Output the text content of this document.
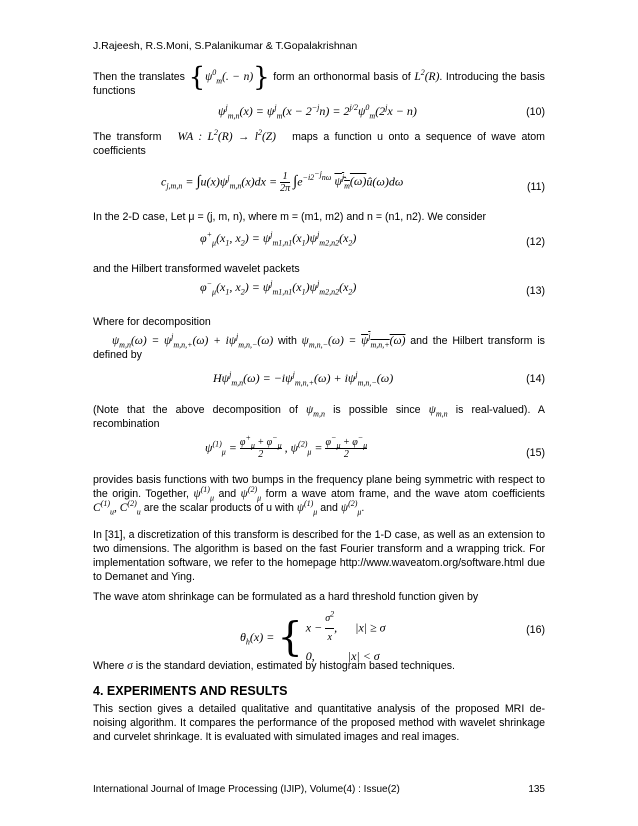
J.Rajeesh, R.S.Moni, S.Palanikumar & T.Gopalakrishnan
Then the translates {$\psi^0_m$(. − n)} form an orthonormal basis of $L^2(R)$. Introducing the basis functions
$\psi^j_{m,n}(x) = \psi^j_m(x - 2^{-j}n) = 2^{j/2}\psi^0_m(2^jx - n)$	(10)
The transform   WA : $L^2(R) \to l^2(Z)$   maps a function u onto a sequence of wave atom coefficients
$c_{j,m,n} = \int u(x)\psi^j_{m,n}(x)dx = \frac{1}{2\pi} \int e^{-i2^{-j}n\omega}$ ψ̂$^j_m$(ω)û(ω)dω	(11)
In the 2-D case, Let μ = (j, m, n), where m = (m1, m2) and n = (n1, n2). We consider
$\varphi^+_\mu(x_1$, $x_2) = \psi^j_{m1,n1}(x_1)\psi^j_{m2,n2}(x_2)$	(12)
and the Hilbert transformed wavelet packets
$\varphi^-_\mu(x_1$, $x_2) = \psi^j_{m1,n1}(x_1)\psi^j_{m2,n2}(x_2)$	(13)
Where for decomposition
$\psi_{m,n}(\omega) = \psi^j_{m,n,+}(\omega) + i\psi^j_{m,n,-}(\omega)$ with $\psi_{m,n,-}(\omega) = \psi^j_{m,n,+}(\omega)$ and the Hilbert transform is defined by
$H\psi^j_{m,n}(\omega) = -i\psi^j_{m,n,+}(\omega) + i\psi^j_{m,n,-}(\omega)$	(14)
(Note that the above decomposition of $\psi_{m,n}$ is possible since $\psi_{m,n}$ is real-valued). A recombination
$\psi^{(1)}_\mu = \frac{\varphi^+_\mu + \varphi^-_\mu}{2}$ , $\psi^{(2)}_\mu = \frac{\varphi^-_\mu + \varphi^-_\mu}{2}$	(15)
provides basis functions with two bumps in the frequency plane being symmetric with respect to the origin. Together, $\psi^{(1)}_\mu$ and $\psi^{(2)}_\mu$ form a wave atom frame, and the wave atom coefficients $C^{(1)}_u$, $C^{(2)}_u$ are the scalar products of u with $\psi^{(1)}_\mu$ and $\psi^{(2)}_\mu$.
In [31], a discretization of this transform is described for the 1-D case, as well as an extension to two dimensions. The algorithm is based on the fast Fourier transform and a wrapping trick. For implementation software, we refer to the homepage http://www.waveatom.org/software.html due to Demanet and Ying.
The wave atom shrinkage can be formulated as a hard threshold function given by
$\theta_h(x)$ = { $x - \frac{\sigma^2}{x}$,      |x| ≥ σ
0,           |x| < σ
(16)
Where σ is the standard deviation, estimated by histogram based techniques.
4. EXPERIMENTS AND RESULTS
This section gives a detailed qualitative and quantitative analysis of the proposed MRI de-noising algorithm. It compares the performance of the proposed method with wavelet shrinkage and curvelet shrinkage. It is evaluated with simulated images and real images.
International Journal of Image Processing (IJIP), Volume(4) : Issue(2)	135
